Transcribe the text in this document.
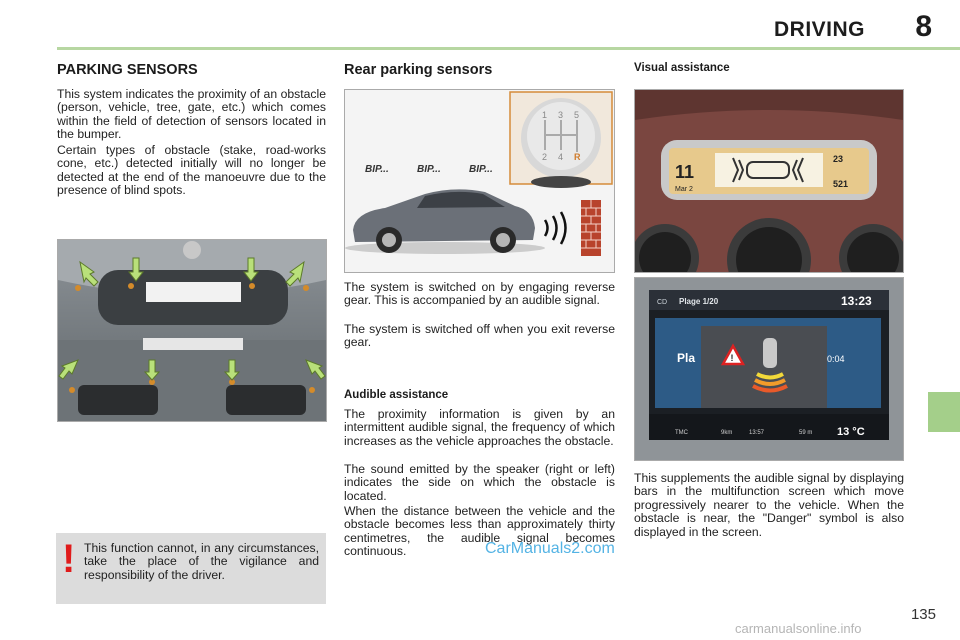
DRIVING 8
PARKING SENSORS
This system indicates the proximity of an obstacle (person, vehicle, tree, gate, etc.) which comes within the field of detection of sensors located in the bumper.
Certain types of obstacle (stake, road-works cone, etc.) detected initially will no longer be detected at the end of the manoeuvre due to the presence of blind spots.
! This function cannot, in any circumstances, take the place of the vigilance and responsibility of the driver.
Rear parking sensors
1 3 5
2 4 R
BIP...	BIP...	BIP...
The system is switched on by engaging reverse gear. This is accompanied by an audible signal.
The system is switched off when you exit reverse gear.
Audible assistance
The proximity information is given by an intermittent audible signal, the frequency of which increases as the vehicle approaches the obstacle.
The sound emitted by the speaker (right or left) indicates the side on which the obstacle is located.
When the distance between the vehicle and the obstacle becomes less than approximately thirty centimetres, the audible signal becomes continuous.	CarManuals2.com
Visual assistance
11
Mar 2
23
521
CD Plage 1/20	13:23
Pla	0:04
!
TMC	9km	13:57	59 m 13 °C
This supplements the audible signal by displaying bars in the multifunction screen which move progressively nearer to the vehicle. When the obstacle is near, the "Danger" symbol is also displayed in the screen.
135
carmanualsonline.info
